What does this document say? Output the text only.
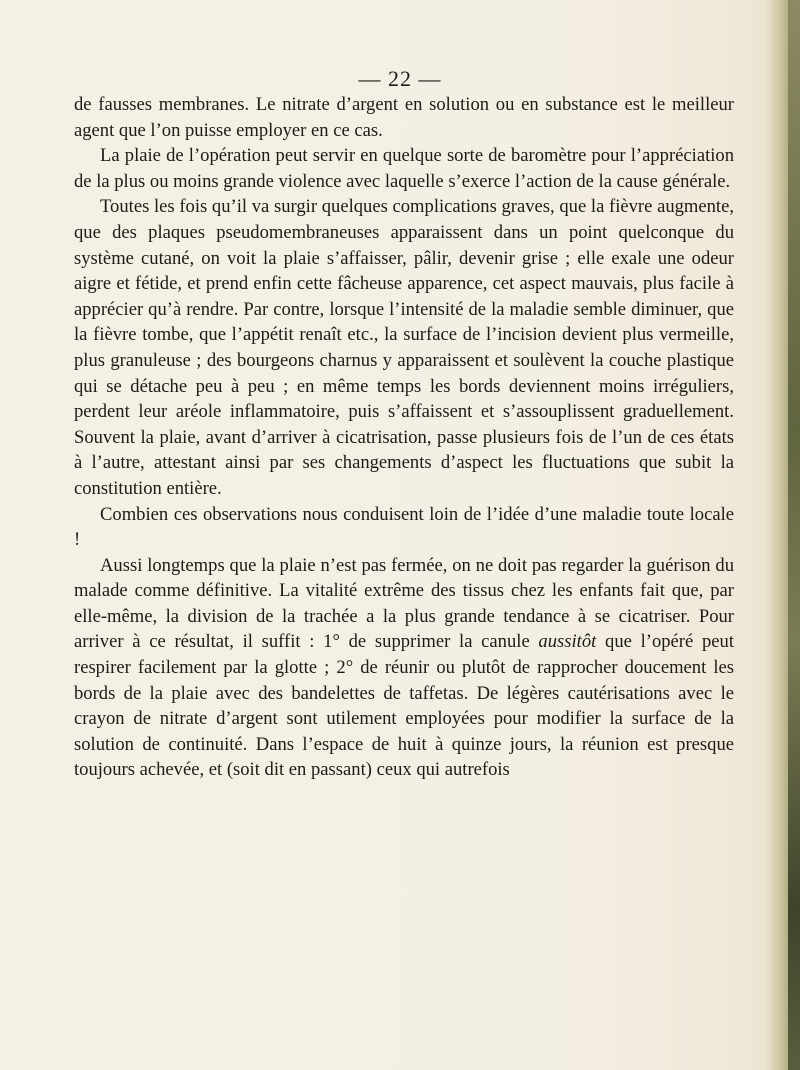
— 22 —

de fausses membranes. Le nitrate d’argent en solution ou en substance est le meilleur agent que l’on puisse employer en ce cas.

La plaie de l’opération peut servir en quelque sorte de baromètre pour l’appréciation de la plus ou moins grande violence avec laquelle s’exerce l’action de la cause générale.

Toutes les fois qu’il va surgir quelques complications graves, que la fièvre augmente, que des plaques pseudomembraneuses apparaissent dans un point quelconque du système cutané, on voit la plaie s’affaisser, pâlir, devenir grise ; elle exale une odeur aigre et fétide, et prend enfin cette fâcheuse apparence, cet aspect mauvais, plus facile à apprécier qu’à rendre. Par contre, lorsque l’intensité de la maladie semble diminuer, que la fièvre tombe, que l’appétit renaît etc., la surface de l’incision devient plus vermeille, plus granuleuse ; des bourgeons charnus y apparaissent et soulèvent la couche plastique qui se détache peu à peu ; en même temps les bords deviennent moins irréguliers, perdent leur aréole inflammatoire, puis s’affaissent et s’assouplissent graduellement. Souvent la plaie, avant d’arriver à cicatrisation, passe plusieurs fois de l’un de ces états à l’autre, attestant ainsi par ses changements d’aspect les fluctuations que subit la constitution entière.

Combien ces observations nous conduisent loin de l’idée d’une maladie toute locale !

Aussi longtemps que la plaie n’est pas fermée, on ne doit pas regarder la guérison du malade comme définitive. La vitalité extrême des tissus chez les enfants fait que, par elle-même, la division de la trachée a la plus grande tendance à se cicatriser. Pour arriver à ce résultat, il suffit : 1° de supprimer la canule aussitôt que l’opéré peut respirer facilement par la glotte ; 2° de réunir ou plutôt de rapprocher doucement les bords de la plaie avec des bandelettes de taffetas. De légères cautérisations avec le crayon de nitrate d’argent sont utilement employées pour modifier la surface de la solution de continuité. Dans l’espace de huit à quinze jours, la réunion est presque toujours achevée, et (soit dit en passant) ceux qui autrefois
